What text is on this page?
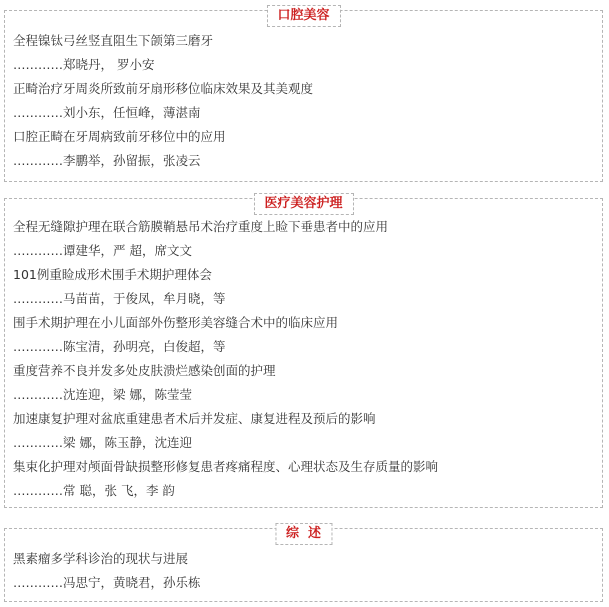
口腔美容
全程镍钛弓丝竖直阻生下颌第三磨牙
…………郑晓丹， 罗小安
正畸治疗牙周炎所致前牙扇形移位临床效果及其美观度
…………刘小东，任恒峰，薄湛南
口腔正畸在牙周病致前牙移位中的应用
…………李鹏举，孙留振，张凌云
医疗美容护理
全程无缝隙护理在联合筋膜鞘悬吊术治疗重度上睑下垂患者中的应用
…………谭建华，严 超，席文文
101例重睑成形术围手术期护理体会
…………马苗苗，于俊凤，牟月晓，等
围手术期护理在小儿面部外伤整形美容缝合术中的临床应用
…………陈宝清，孙明亮，白俊超，等
重度营养不良并发多处皮肤溃烂感染创面的护理
…………沈连迎，梁 娜，陈莹莹
加速康复护理对盆底重建患者术后并发症、康复进程及预后的影响
…………梁 娜，陈玉静，沈连迎
集束化护理对颅面骨缺损整形修复患者疼痛程度、心理状态及生存质量的影响
…………常 聪，张 飞，李 韵
综  述
黑素瘤多学科诊治的现状与进展
…………冯思宁，黄晓君，孙乐栋
